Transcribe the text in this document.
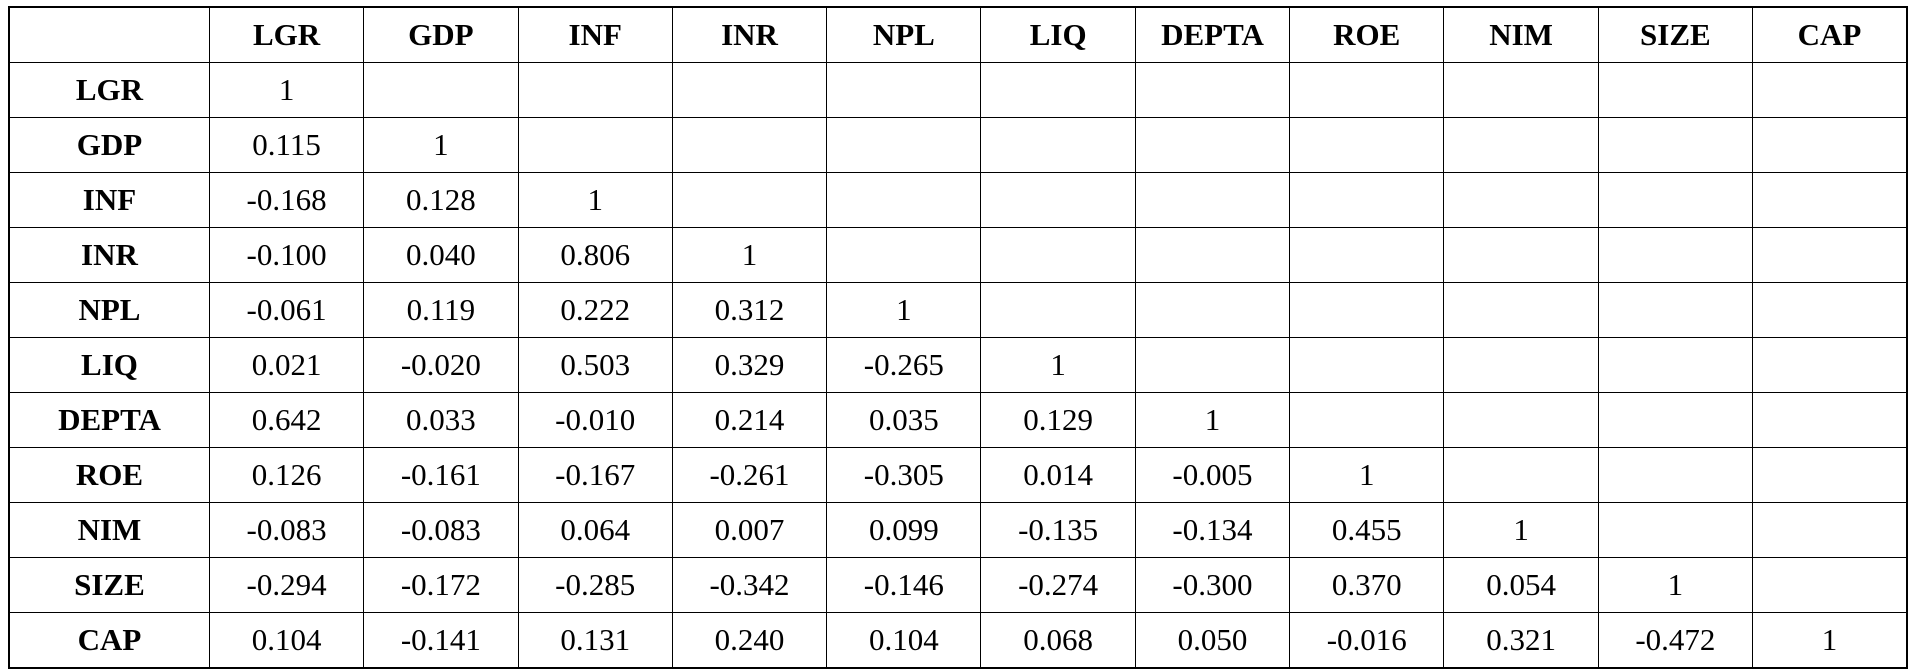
	LGR	GDP	INF	INR	NPL	LIQ	DEPTA	ROE	NIM	SIZE	CAP
LGR	1										
GDP	0.115	1									
INF	-0.168	0.128	1								
INR	-0.100	0.040	0.806	1							
NPL	-0.061	0.119	0.222	0.312	1						
LIQ	0.021	-0.020	0.503	0.329	-0.265	1					
DEPTA	0.642	0.033	-0.010	0.214	0.035	0.129	1				
ROE	0.126	-0.161	-0.167	-0.261	-0.305	0.014	-0.005	1			
NIM	-0.083	-0.083	0.064	0.007	0.099	-0.135	-0.134	0.455	1		
SIZE	-0.294	-0.172	-0.285	-0.342	-0.146	-0.274	-0.300	0.370	0.054	1	
CAP	0.104	-0.141	0.131	0.240	0.104	0.068	0.050	-0.016	0.321	-0.472	1
